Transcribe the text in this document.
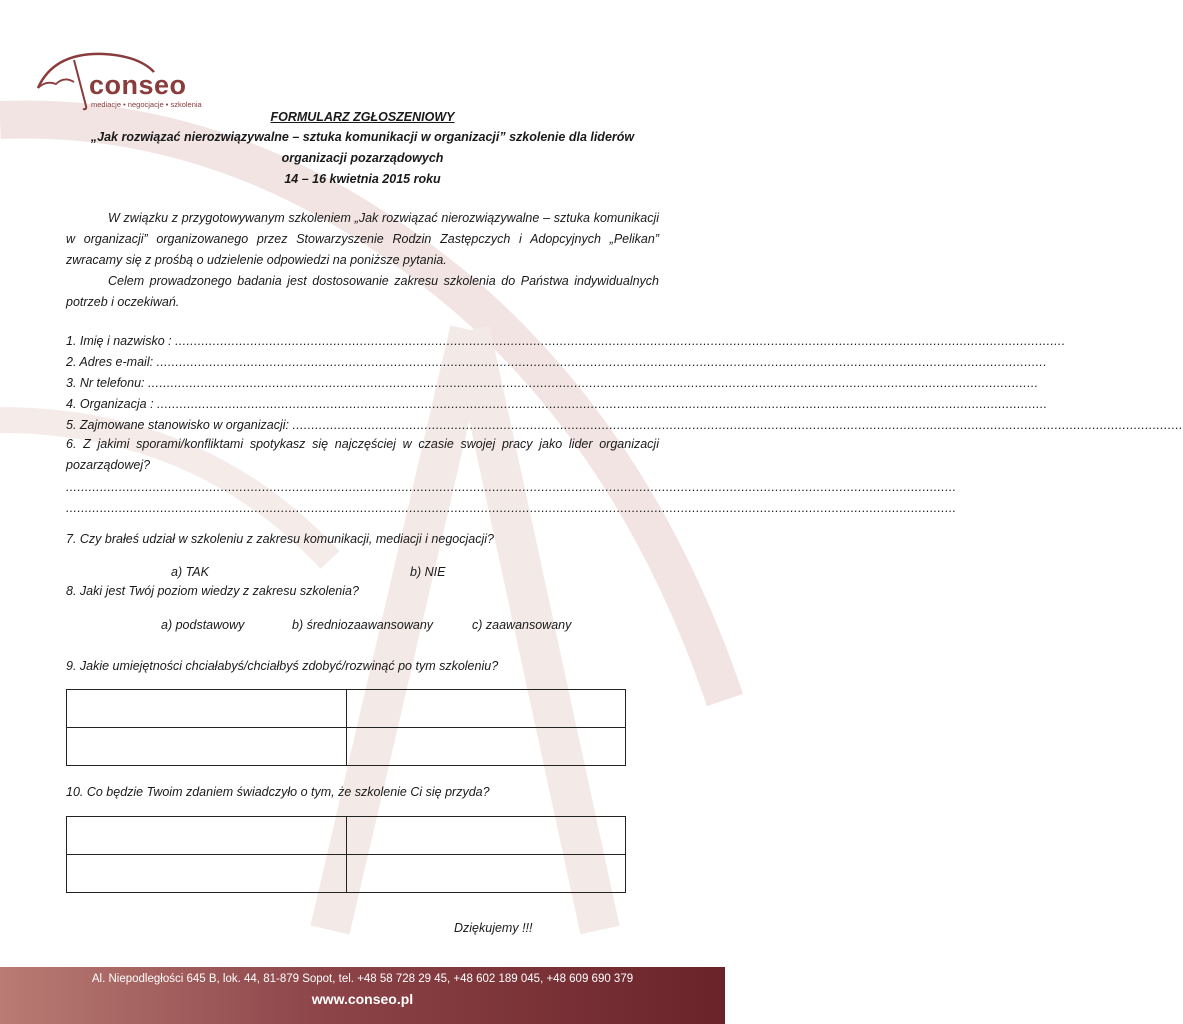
conseo
mediacje • negocjacje • szkolenia
FORMULARZ ZGŁOSZENIOWY
„Jak rozwiązać nierozwiązywalne – sztuka komunikacji w organizacji” szkolenie dla liderów
organizacji pozarządowych
14 – 16 kwietnia 2015 roku
W związku z przygotowywanym szkoleniem „Jak rozwiązać nierozwiązywalne – sztuka komunikacji w organizacji” organizowanego przez Stowarzyszenie Rodzin Zastępczych i Adopcyjnych „Pelikan” zwracamy się z prośbą o udzielenie odpowiedzi na poniższe pytania.
Celem prowadzonego badania jest dostosowanie zakresu szkolenia do Państwa indywidualnych potrzeb i oczekiwań.
1. Imię i nazwisko : ............................................................................................................................................................................................................................................
2. Adres e-mail: ............................................................................................................................................................................................................................................
3. Nr telefonu: ............................................................................................................................................................................................................................................
4. Organizacja : ............................................................................................................................................................................................................................................
5. Zajmowane stanowisko w organizacji: ............................................................................................................................................................................................................................................
6. Z jakimi sporami/konfliktami spotykasz się najczęściej w czasie swojej pracy jako lider organizacji pozarządowej?
............................................................................................................................................................................................................................................
............................................................................................................................................................................................................................................
7. Czy brałeś udział w szkoleniu z zakresu komunikacji, mediacji i negocjacji?
a) TAK	b) NIE
8. Jaki jest Twój poziom wiedzy z zakresu szkolenia?
a) podstawowy	b) średniozaawansowany	c) zaawansowany
9. Jakie umiejętności chciałabyś/chciałbyś zdobyć/rozwinąć po tym szkoleniu?

10. Co będzie Twoim zdaniem świadczyło o tym, że szkolenie Ci się przyda?

Dziękujemy !!!
Al. Niepodległości 645 B, lok. 44, 81-879 Sopot, tel. +48 58 728 29 45, +48 602 189 045, +48 609 690 379
www.conseo.pl
